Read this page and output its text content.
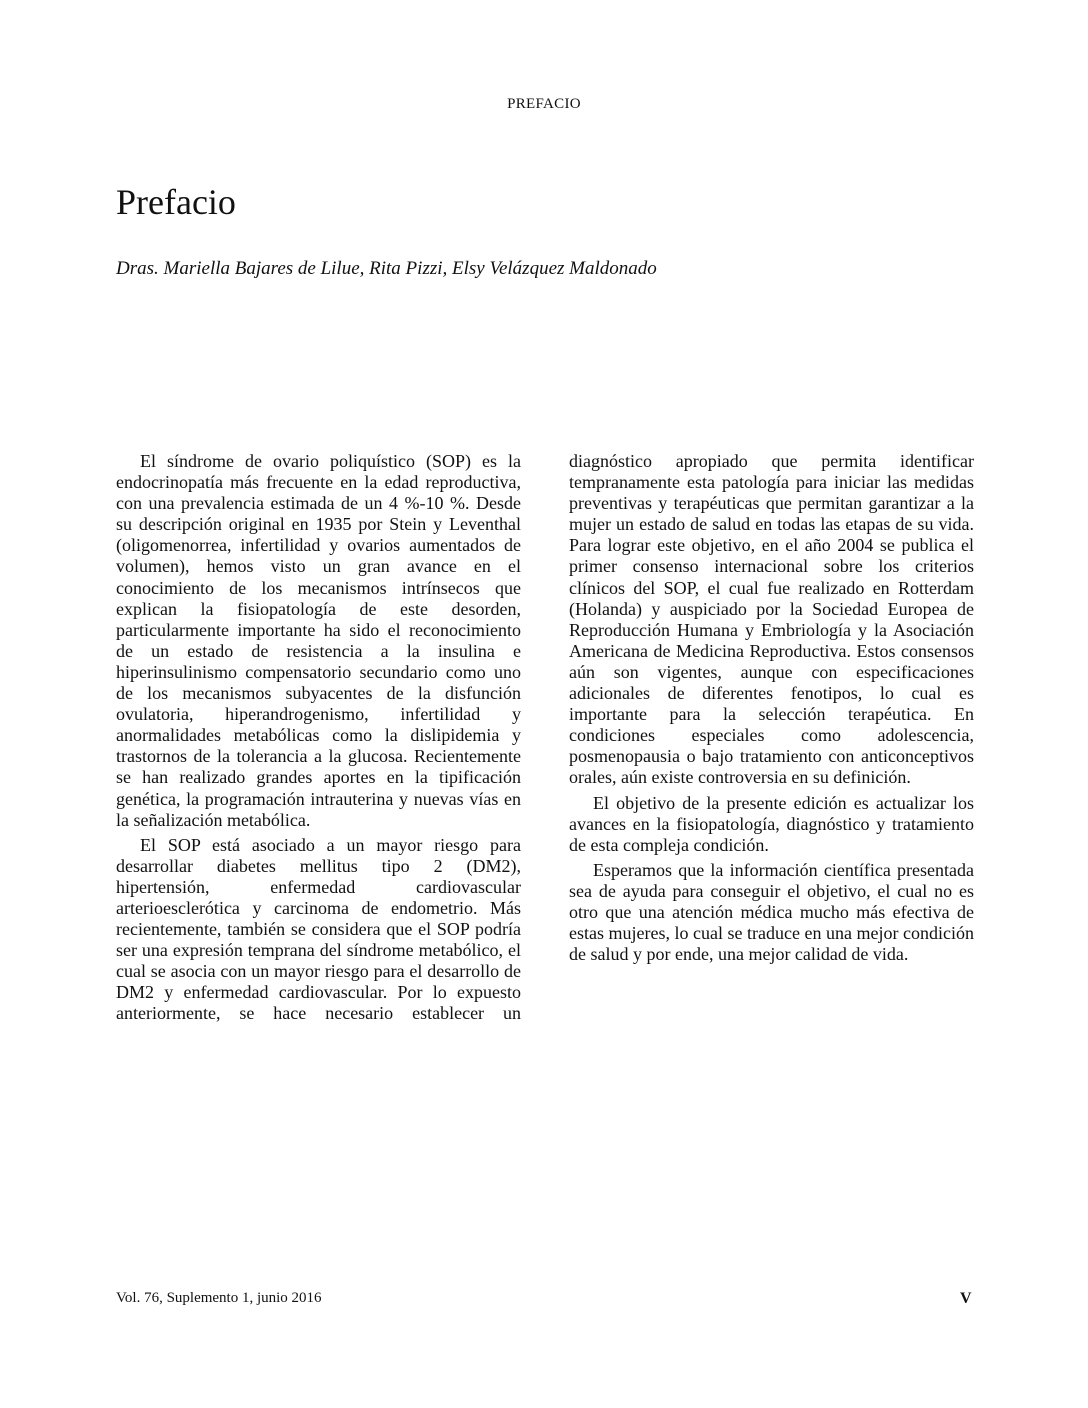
PREFACIO
Prefacio
Dras. Mariella Bajares de Lilue, Rita Pizzi, Elsy Velázquez Maldonado

El síndrome de ovario poliquístico (SOP) es la endocrinopatía más frecuente en la edad reproductiva, con una prevalencia estimada de un 4 %-10 %. Desde su descripción original en 1935 por Stein y Leventhal (oligomenorrea, infertilidad y ovarios aumentados de volumen), hemos visto un gran avance en el conocimiento de los mecanismos intrínsecos que explican la fisiopatología de este desorden, particularmente importante ha sido el reconocimiento de un estado de resistencia a la insulina e hiperinsulinismo compensatorio secundario como uno de los mecanismos subyacentes de la disfunción ovulatoria, hiperandrogenismo, infertilidad y anormalidades metabólicas como la dislipidemia y trastornos de la tolerancia a la glucosa. Recientemente se han realizado grandes aportes en la tipificación genética, la programación intrauterina y nuevas vías en la señalización metabólica.

El SOP está asociado a un mayor riesgo para desarrollar diabetes mellitus tipo 2 (DM2), hipertensión, enfermedad cardiovascular arterioesclerótica y carcinoma de endometrio. Más recientemente, también se considera que el SOP podría ser una expresión temprana del síndrome metabólico, el cual se asocia con un mayor riesgo para el desarrollo de DM2 y enfermedad cardiovascular. Por lo expuesto anteriormente, se hace necesario establecer un diagnóstico apropiado que permita identificar tempranamente esta patología para iniciar las medidas preventivas y terapéuticas que permitan garantizar a la mujer un estado de salud en todas las etapas de su vida. Para lograr este objetivo, en el año 2004 se publica el primer consenso internacional sobre los criterios clínicos del SOP, el cual fue realizado en Rotterdam (Holanda) y auspiciado por la Sociedad Europea de Reproducción Humana y Embriología y la Asociación Americana de Medicina Reproductiva. Estos consensos aún son vigentes, aunque con especificaciones adicionales de diferentes fenotipos, lo cual es importante para la selección terapéutica. En condiciones especiales como adolescencia, posmenopausia o bajo tratamiento con anticonceptivos orales, aún existe controversia en su definición.

El objetivo de la presente edición es actualizar los avances en la fisiopatología, diagnóstico y tratamiento de esta compleja condición.

Esperamos que la información científica presentada sea de ayuda para conseguir el objetivo, el cual no es otro que una atención médica mucho más efectiva de estas mujeres, lo cual se traduce en una mejor condición de salud y por ende, una mejor calidad de vida.

Vol. 76, Suplemento 1, junio 2016	V
